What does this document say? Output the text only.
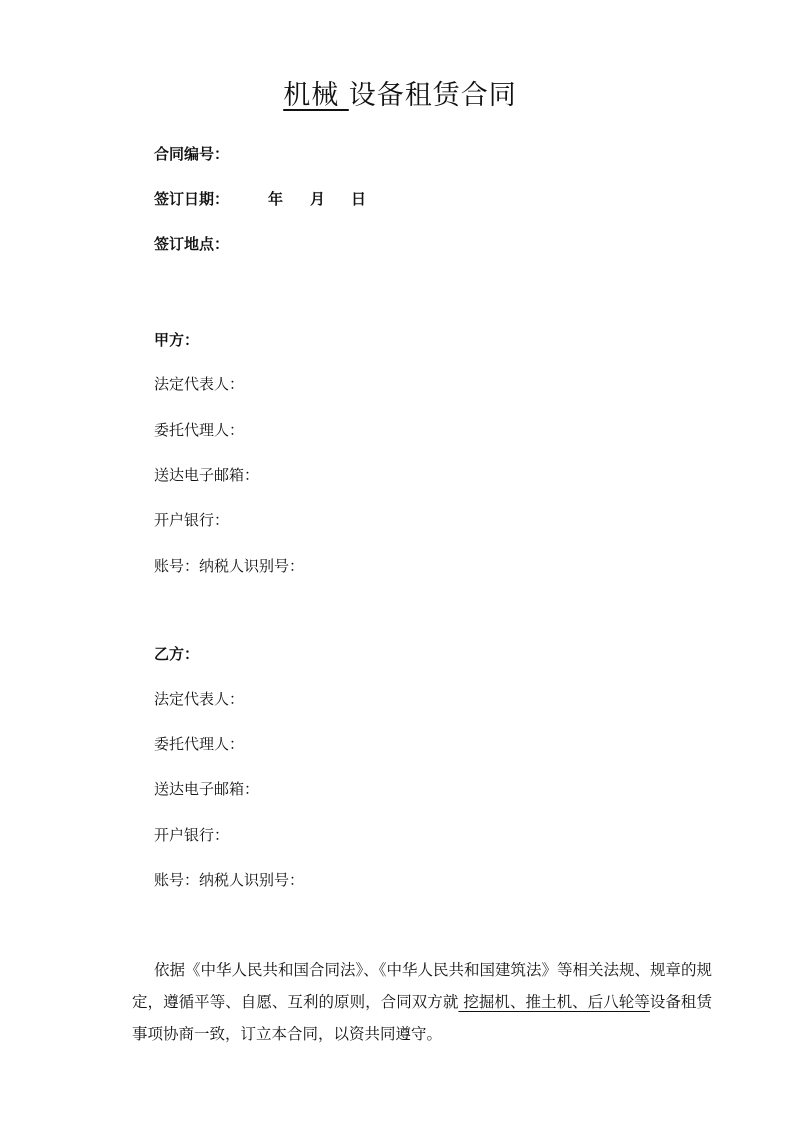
机械 设备租赁合同
合同编号：
签订日期：	年 月 日
签订地点：
甲方：
法定代表人：
委托代理人：
送达电子邮箱：
开户银行：
账号：纳税人识别号：
乙方：
法定代表人：
委托代理人：
送达电子邮箱：
开户银行：
账号：纳税人识别号：
依据《中华人民共和国合同法》、《中华人民共和国建筑法》等相关法规、规章的规定，遵循平等、自愿、互利的原则，合同双方就 挖掘机、推土机、后八轮等设备租赁事项协商一致，订立本合同，以资共同遵守。
